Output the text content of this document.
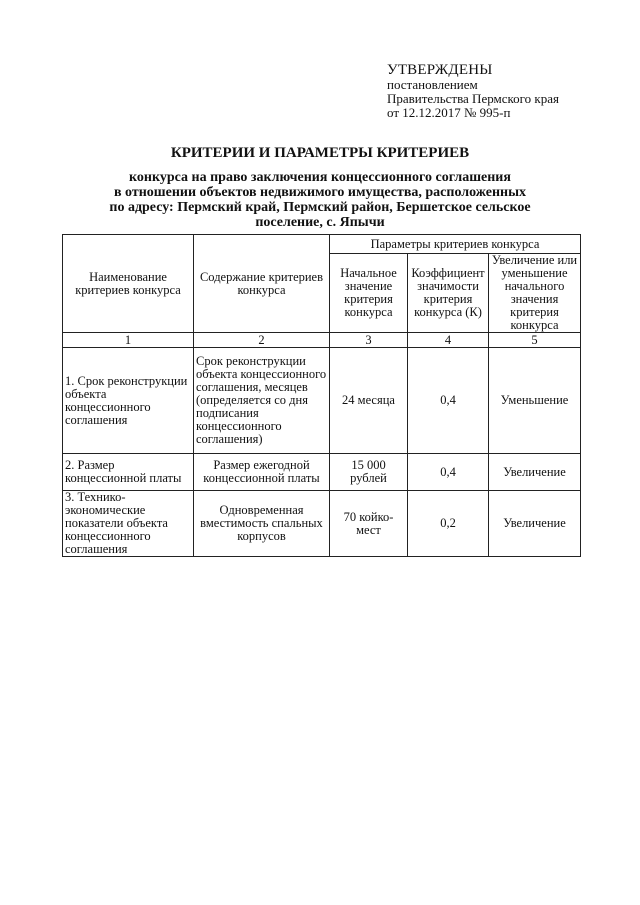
УТВЕРЖДЕНЫ
постановлением
Правительства Пермского края
от 12.12.2017 № 995-п
КРИТЕРИИ И ПАРАМЕТРЫ КРИТЕРИЕВ
конкурса на право заключения концессионного соглашения
в отношении объектов недвижимого имущества, расположенных
по адресу: Пермский край, Пермский район, Бершетское сельское
поселение, с. Япычи
Наименование критериев конкурса	Содержание критериев конкурса	Параметры критериев конкурса		
		Начальное значение критерия конкурса	Коэффициент значимости критерия конкурса (К)	Увеличение или уменьшение начального значения критерия конкурса
1	2	3	4	5
1. Срок реконструкции объекта концессионного соглашения	Срок реконструкции объекта концессионного соглашения, месяцев (определяется со дня подписания концессионного соглашения)	24 месяца	0,4	Уменьшение
2. Размер концессионной платы	Размер ежегодной концессионной платы	15 000 рублей	0,4	Увеличение
3. Технико-экономические показатели объекта концессионного соглашения	Одновременная вместимость спальных корпусов	70 койко-мест	0,2	Увеличение
